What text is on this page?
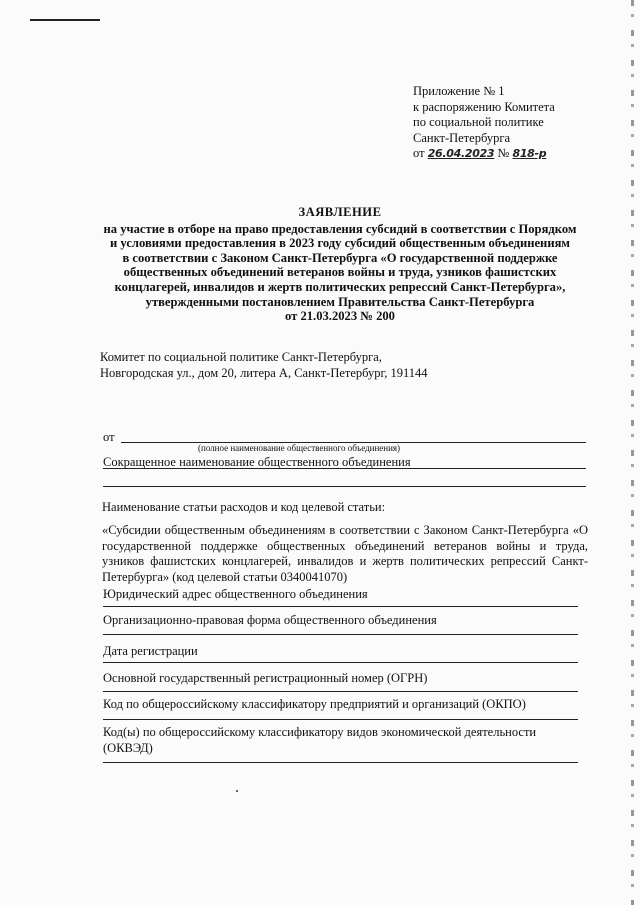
Приложение № 1
к распоряжению Комитета
по социальной политике
Санкт-Петербурга
от 26.04.2023 № 818-р
ЗАЯВЛЕНИЕ
на участие в отборе на право предоставления субсидий в соответствии с Порядком
и условиями предоставления в 2023 году субсидий общественным объединениям
в соответствии с Законом Санкт-Петербурга «О государственной поддержке
общественных объединений ветеранов войны и труда, узников фашистских
концлагерей, инвалидов и жертв политических репрессий Санкт-Петербурга»,
утвержденными постановлением Правительства Санкт-Петербурга
от 21.03.2023 № 200
Комитет по социальной политике Санкт-Петербурга,
Новгородская ул., дом 20, литера А, Санкт-Петербург, 191144
от
(полное наименование общественного объединения)
Сокращенное наименование общественного объединения
Наименование статьи расходов и код целевой статьи:

«Субсидии общественным объединениям в соответствии с Законом Санкт-Петербурга «О государственной поддержке общественных объединений ветеранов войны и труда, узников фашистских концлагерей, инвалидов и жертв политических репрессий Санкт-Петербурга» (код целевой статьи 0340041070)

Юридический адрес общественного объединения
Организационно-правовая форма общественного объединения
Дата регистрации
Основной государственный регистрационный номер (ОГРН)
Код по общероссийскому классификатору предприятий и организаций (ОКПО)
Код(ы) по общероссийскому классификатору видов экономической деятельности
(ОКВЭД)
